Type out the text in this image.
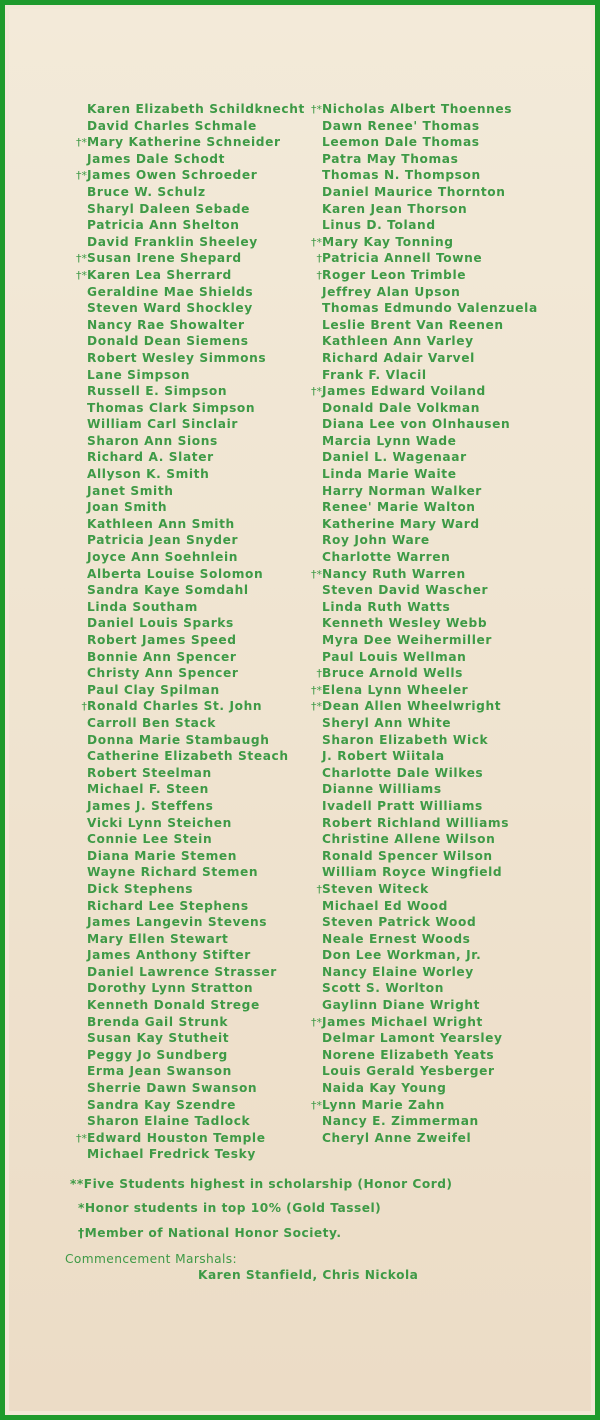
Karen Elizabeth Schildknecht
David Charles Schmale
†*Mary Katherine Schneider
James Dale Schodt
†*James Owen Schroeder
Bruce W. Schulz
Sharyl Daleen Sebade
Patricia Ann Shelton
David Franklin Sheeley
†*Susan Irene Shepard
†*Karen Lea Sherrard
Geraldine Mae Shields
Steven Ward Shockley
Nancy Rae Showalter
Donald Dean Siemens
Robert Wesley Simmons
Lane Simpson
Russell E. Simpson
Thomas Clark Simpson
William Carl Sinclair
Sharon Ann Sions
Richard A. Slater
Allyson K. Smith
Janet Smith
Joan Smith
Kathleen Ann Smith
Patricia Jean Snyder
Joyce Ann Soehnlein
Alberta Louise Solomon
Sandra Kaye Somdahl
Linda Southam
Daniel Louis Sparks
Robert James Speed
Bonnie Ann Spencer
Christy Ann Spencer
Paul Clay Spilman
†Ronald Charles St. John
Carroll Ben Stack
Donna Marie Stambaugh
Catherine Elizabeth Steach
Robert Steelman
Michael F. Steen
James J. Steffens
Vicki Lynn Steichen
Connie Lee Stein
Diana Marie Stemen
Wayne Richard Stemen
Dick Stephens
Richard Lee Stephens
James Langevin Stevens
Mary Ellen Stewart
James Anthony Stifter
Daniel Lawrence Strasser
Dorothy Lynn Stratton
Kenneth Donald Strege
Brenda Gail Strunk
Susan Kay Stutheit
Peggy Jo Sundberg
Erma Jean Swanson
Sherrie Dawn Swanson
Sandra Kay Szendre
Sharon Elaine Tadlock
†*Edward Houston Temple
Michael Fredrick Tesky
†*Nicholas Albert Thoennes
Dawn Renee' Thomas
Leemon Dale Thomas
Patra May Thomas
Thomas N. Thompson
Daniel Maurice Thornton
Karen Jean Thorson
Linus D. Toland
†*Mary Kay Tonning
†Patricia Annell Towne
†Roger Leon Trimble
Jeffrey Alan Upson
Thomas Edmundo Valenzuela
Leslie Brent Van Reenen
Kathleen Ann Varley
Richard Adair Varvel
Frank F. Vlacil
†*James Edward Voiland
Donald Dale Volkman
Diana Lee von Olnhausen
Marcia Lynn Wade
Daniel L. Wagenaar
Linda Marie Waite
Harry Norman Walker
Renee' Marie Walton
Katherine Mary Ward
Roy John Ware
Charlotte Warren
†*Nancy Ruth Warren
Steven David Wascher
Linda Ruth Watts
Kenneth Wesley Webb
Myra Dee Weihermiller
Paul Louis Wellman
†Bruce Arnold Wells
†*Elena Lynn Wheeler
†*Dean Allen Wheelwright
Sheryl Ann White
Sharon Elizabeth Wick
J. Robert Wiitala
Charlotte Dale Wilkes
Dianne Williams
Ivadell Pratt Williams
Robert Richland Williams
Christine Allene Wilson
Ronald Spencer Wilson
William Royce Wingfield
†Steven Witeck
Michael Ed Wood
Steven Patrick Wood
Neale Ernest Woods
Don Lee Workman, Jr.
Nancy Elaine Worley
Scott S. Worlton
Gaylinn Diane Wright
†*James Michael Wright
Delmar Lamont Yearsley
Norene Elizabeth Yeats
Louis Gerald Yesberger
Naida Kay Young
†*Lynn Marie Zahn
Nancy E. Zimmerman
Cheryl Anne Zweifel
**Five Students highest in scholarship (Honor Cord)
*Honor students in top 10% (Gold Tassel)
†Member of National Honor Society.
Commencement Marshals:
Karen Stanfield, Chris Nickola
